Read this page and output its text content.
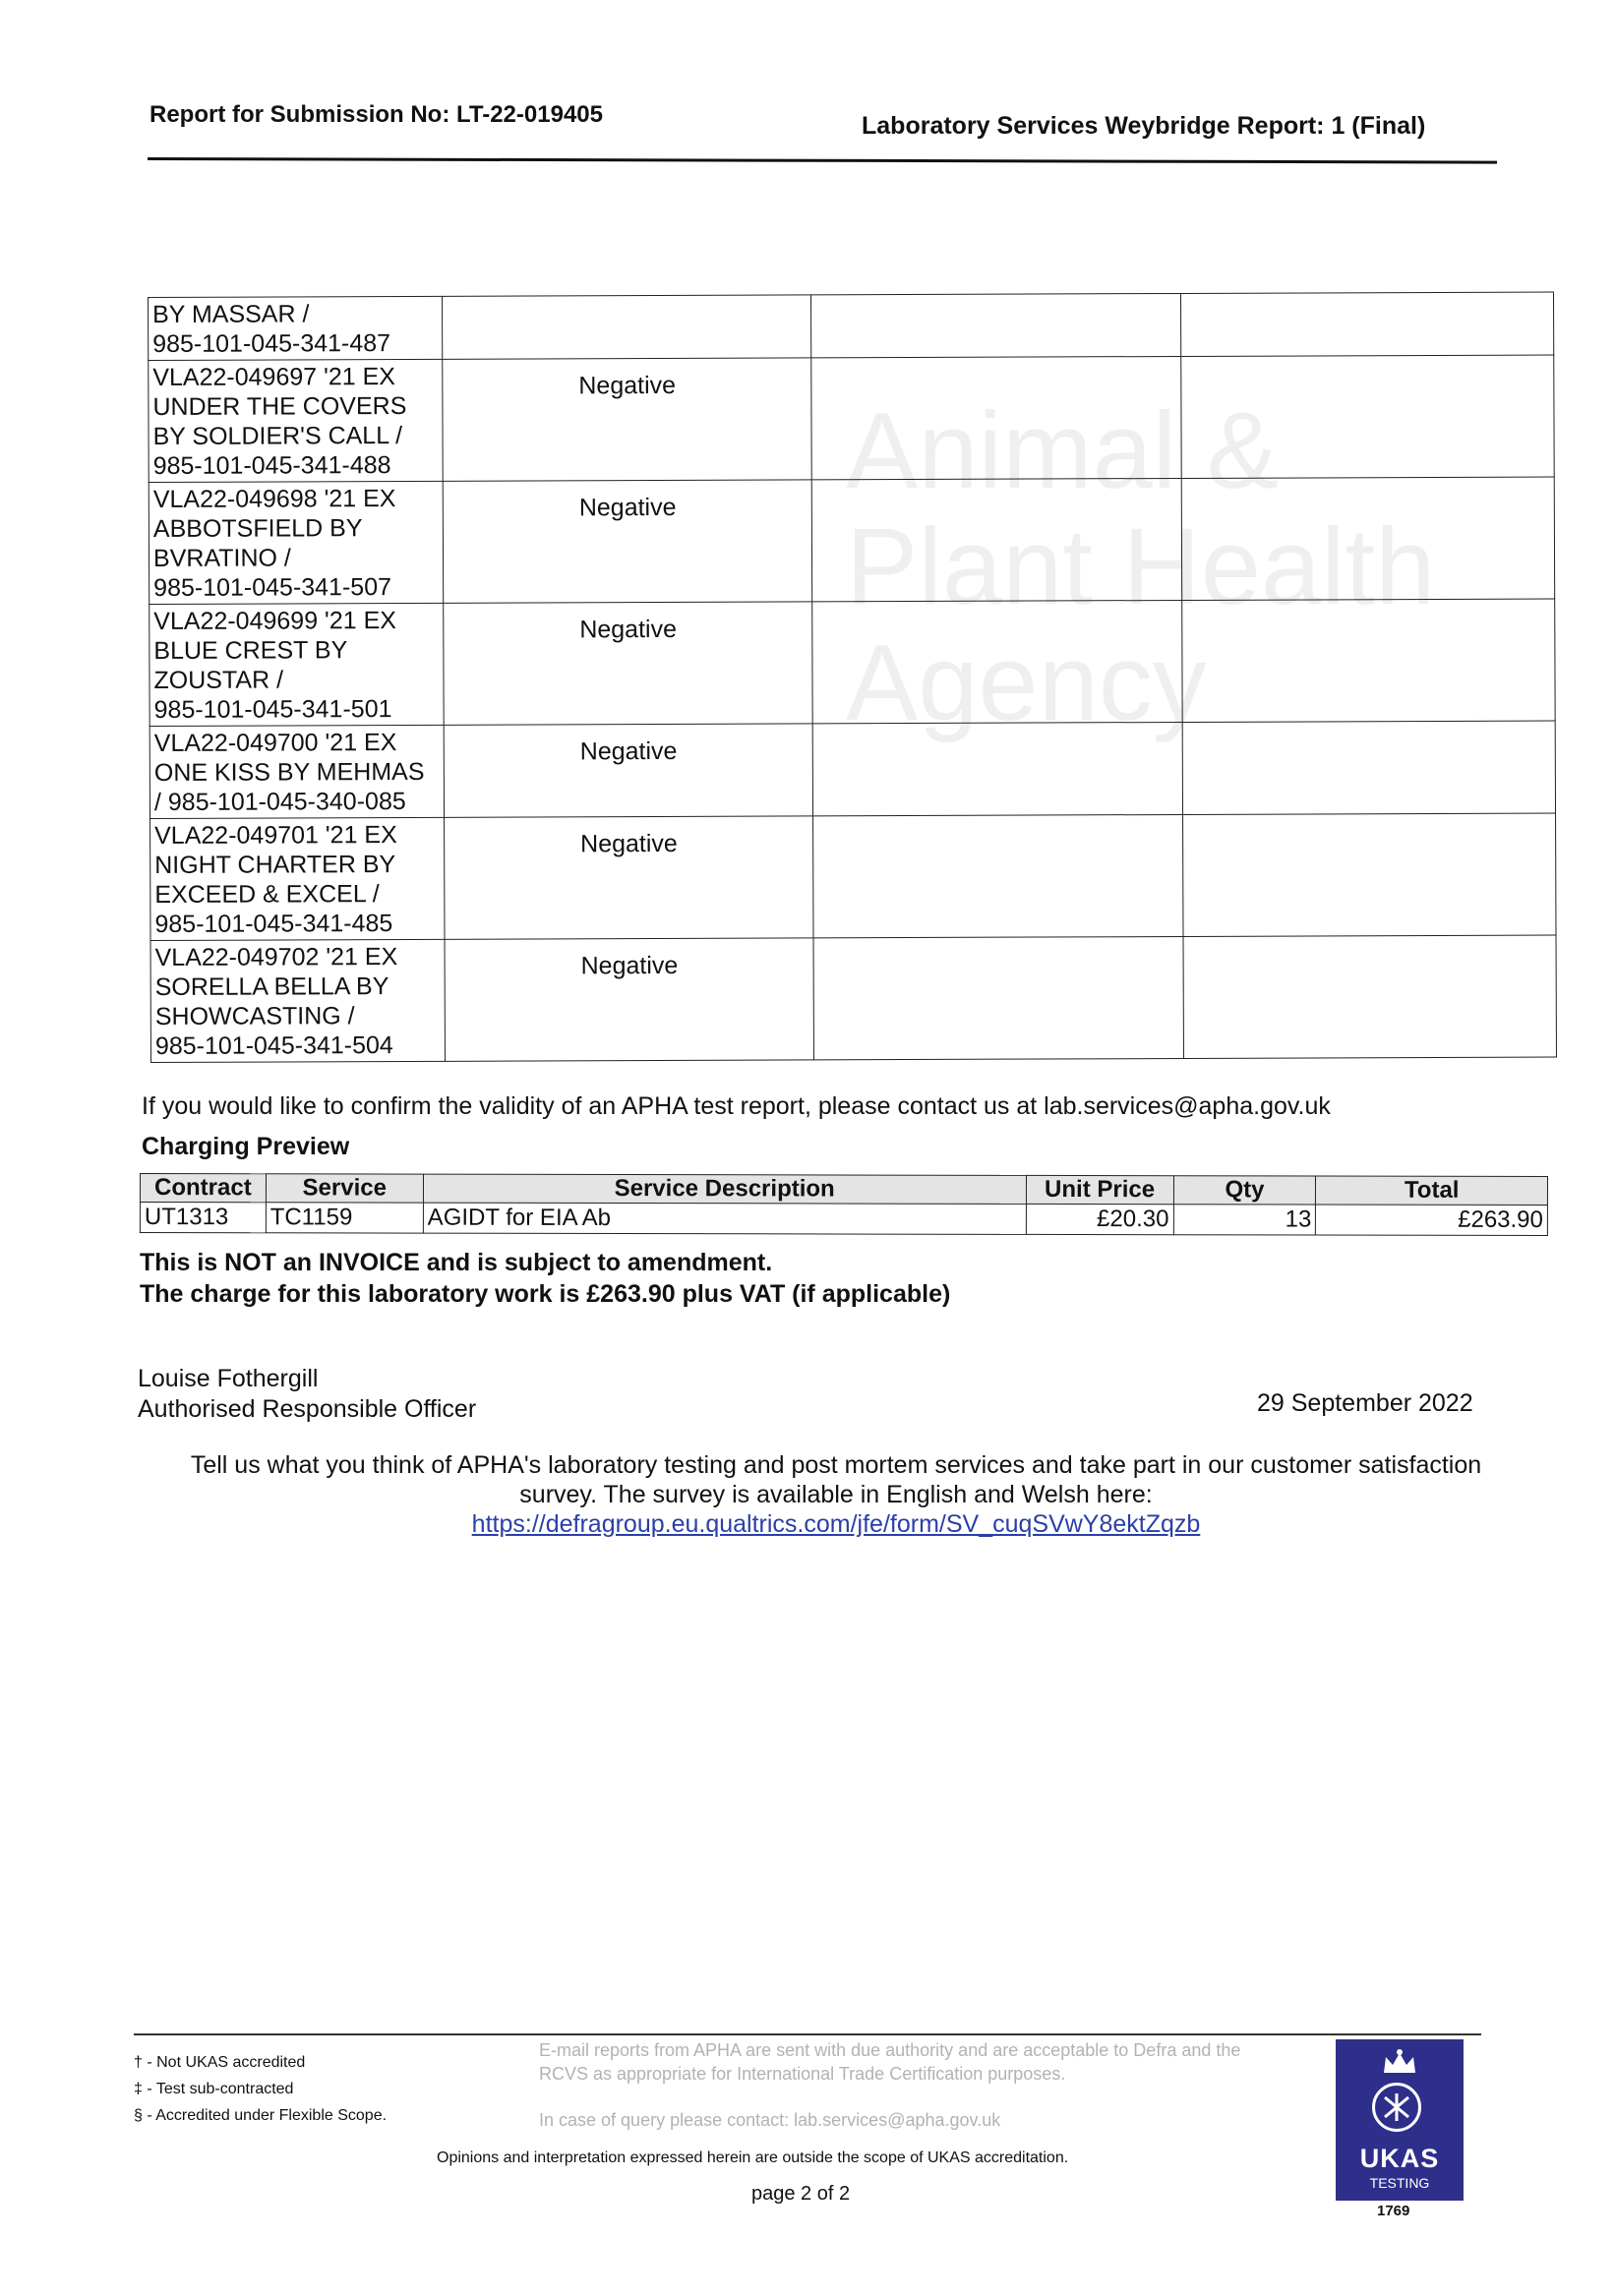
Animal &
Plant Health
Agency
Report for Submission No: LT-22-019405	Laboratory Services Weybridge Report: 1 (Final)
BY MASSAR /
985-101-045-341-487			

VLA22-049697 '21 EX
UNDER THE COVERS
BY SOLDIER'S CALL /
985-101-045-341-488	Negative		

VLA22-049698 '21 EX
ABBOTSFIELD BY
BVRATINO /
985-101-045-341-507	Negative		

VLA22-049699 '21 EX
BLUE CREST BY
ZOUSTAR /
985-101-045-341-501	Negative		

VLA22-049700 '21 EX
ONE KISS BY MEHMAS
/ 985-101-045-340-085	Negative		

VLA22-049701 '21 EX
NIGHT CHARTER BY
EXCEED & EXCEL /
985-101-045-341-485	Negative		

VLA22-049702 '21 EX
SORELLA BELLA BY
SHOWCASTING /
985-101-045-341-504	Negative		
If you would like to confirm the validity of an APHA test report, please contact us at lab.services@apha.gov.uk
Charging Preview
Contract	Service	Service Description	Unit Price	Qty	Total
UT1313	TC1159	AGIDT for EIA Ab	£20.30	13	£263.90
This is NOT an INVOICE and is subject to amendment.
The charge for this laboratory work is £263.90 plus VAT (if applicable)
Louise Fothergill
Authorised Responsible Officer	29 September 2022
Tell us what you think of APHA's laboratory testing and post mortem services and take part in our customer satisfaction
survey. The survey is available in English and Welsh here:
https://defragroup.eu.qualtrics.com/jfe/form/SV_cuqSVwY8ektZqzb
† - Not UKAS accredited
‡ - Test sub-contracted
§ - Accredited under Flexible Scope.
E-mail reports from APHA are sent with due authority and are acceptable to Defra and the RCVS as appropriate for International Trade Certification purposes.
In case of query please contact: lab.services@apha.gov.uk
Opinions and interpretation expressed herein are outside the scope of UKAS accreditation.
page 2 of 2
UKAS
TESTING
1769
